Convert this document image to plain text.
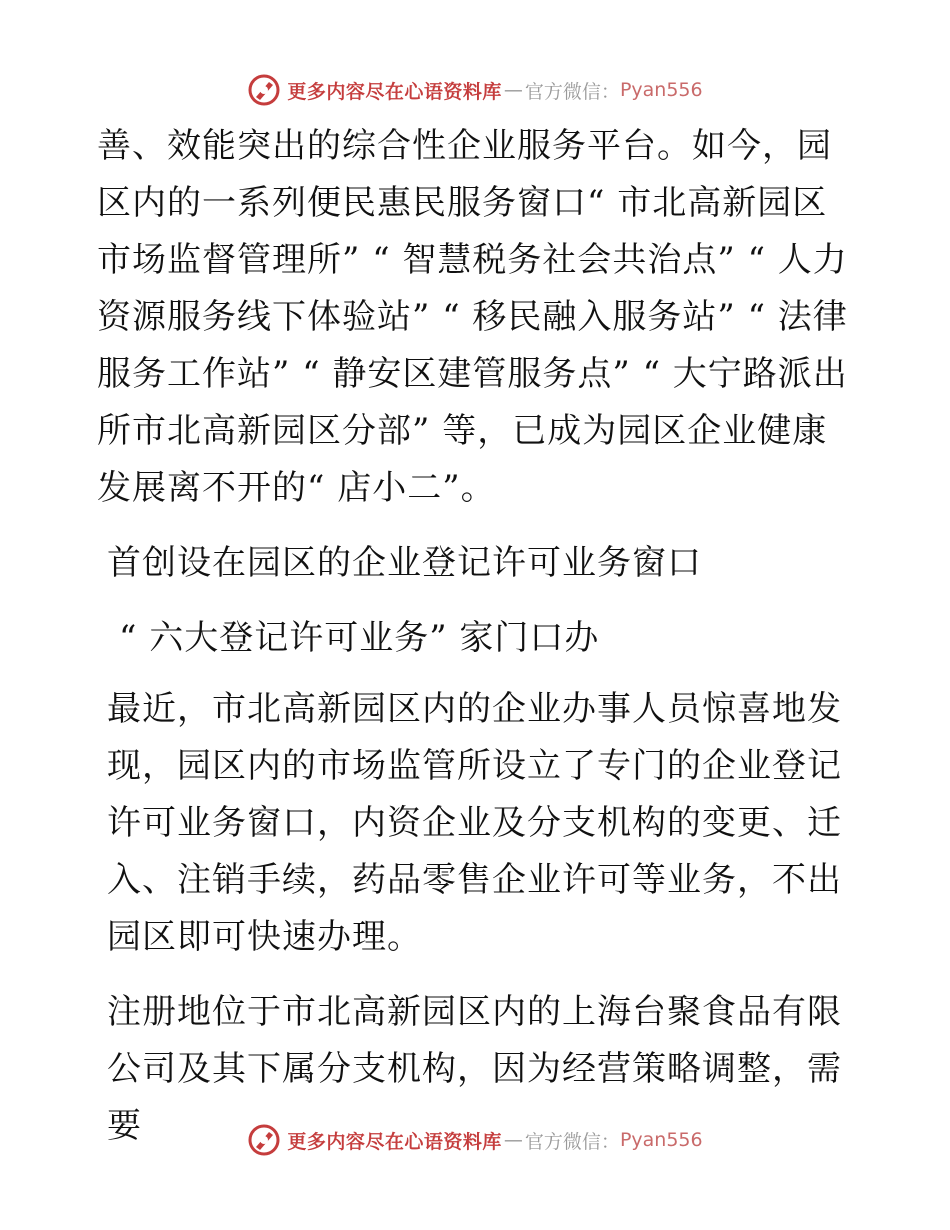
更多内容尽在心语资料库 — 官方微信： Pyan556

善、效能突出的综合性企业服务平台。如今，园区内的一系列便民惠民服务窗口“ 市北高新园区市场监督管理所” “ 智慧税务社会共治点” “ 人力资源服务线下体验站” “ 移民融入服务站” “ 法律服务工作站” “ 静安区建管服务点” “ 大宁路派出所市北高新园区分部” 等，已成为园区企业健康发展离不开的“ 店小二”。

首创设在园区的企业登记许可业务窗口

“ 六大登记许可业务” 家门口办

最近，市北高新园区内的企业办事人员惊喜地发现，园区内的市场监管所设立了专门的企业登记许可业务窗口，内资企业及分支机构的变更、迁入、注销手续，药品零售企业许可等业务，不出园区即可快速办理。

注册地位于市北高新园区内的上海台聚食品有限公司及其下属分支机构，因为经营策略调整，需要	更多内容尽在心语资料库 — 官方微信： Pyan556
